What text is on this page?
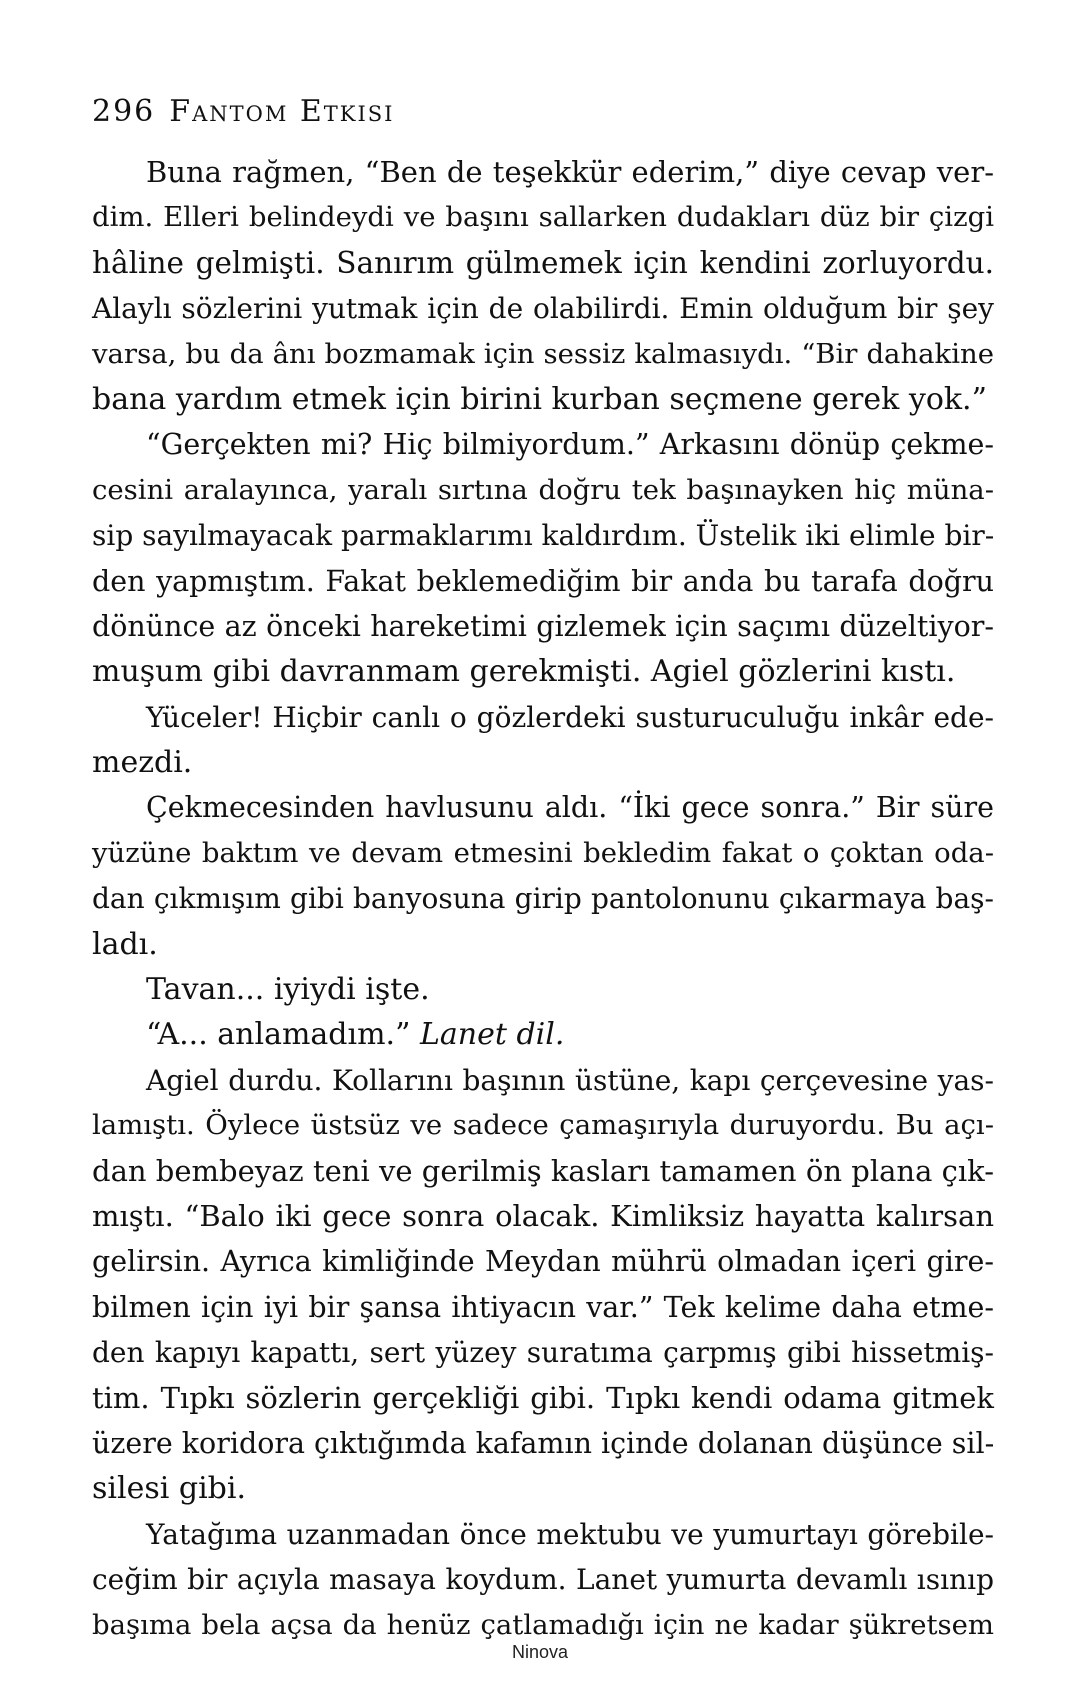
296 Fantom Etkisi
Buna rağmen, “Ben de teşekkür ederim,” diye cevap ver-
dim. Elleri belindeydi ve başını sallarken dudakları düz bir çizgi
hâline gelmişti. Sanırım gülmemek için kendini zorluyordu.
Alaylı sözlerini yutmak için de olabilirdi. Emin olduğum bir şey
varsa, bu da ânı bozmamak için sessiz kalmasıydı. “Bir dahakine
bana yardım etmek için birini kurban seçmene gerek yok.”
“Gerçekten mi? Hiç bilmiyordum.” Arkasını dönüp çekme-
cesini aralayınca, yaralı sırtına doğru tek başınayken hiç müna-
sip sayılmayacak parmaklarımı kaldırdım. Üstelik iki elimle bir-
den yapmıştım. Fakat beklemediğim bir anda bu tarafa doğru
dönünce az önceki hareketimi gizlemek için saçımı düzeltiyor-
muşum gibi davranmam gerekmişti. Agiel gözlerini kıstı.
Yüceler! Hiçbir canlı o gözlerdeki susturuculuğu inkâr ede-
mezdi.
Çekmecesinden havlusunu aldı. “İki gece sonra.” Bir süre
yüzüne baktım ve devam etmesini bekledim fakat o çoktan oda-
dan çıkmışım gibi banyosuna girip pantolonunu çıkarmaya baş-
ladı.
Tavan... iyiydi işte.
“A... anlamadım.” Lanet dil.
Agiel durdu. Kollarını başının üstüne, kapı çerçevesine yas-
lamıştı. Öylece üstsüz ve sadece çamaşırıyla duruyordu. Bu açı-
dan bembeyaz teni ve gerilmiş kasları tamamen ön plana çık-
mıştı. “Balo iki gece sonra olacak. Kimliksiz hayatta kalırsan
gelirsin. Ayrıca kimliğinde Meydan mührü olmadan içeri gire-
bilmen için iyi bir şansa ihtiyacın var.” Tek kelime daha etme-
den kapıyı kapattı, sert yüzey suratıma çarpmış gibi hissetmiş-
tim. Tıpkı sözlerin gerçekliği gibi. Tıpkı kendi odama gitmek
üzere koridora çıktığımda kafamın içinde dolanan düşünce sil-
silesi gibi.
Yatağıma uzanmadan önce mektubu ve yumurtayı görebile-
ceğim bir açıyla masaya koydum. Lanet yumurta devamlı ısınıp
başıma bela açsa da henüz çatlamadığı için ne kadar şükretsem
Ninova
